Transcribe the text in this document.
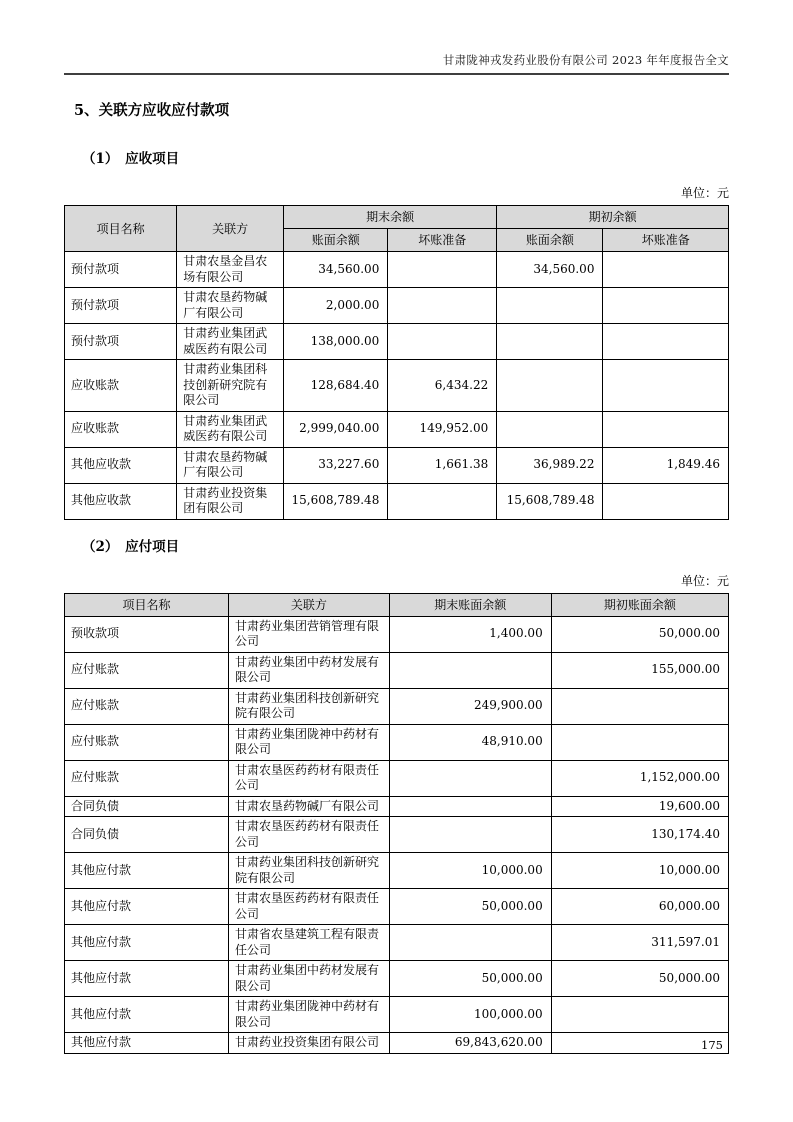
甘肃陇神戎发药业股份有限公司 2023 年年度报告全文
5、关联方应收应付款项
（1）　应收项目
单位：元
项目名称	关联方	期末余额		期初余额	
		账面余额	坏账准备	账面余额	坏账准备
预付款项	甘肃农垦金昌农场有限公司	34,560.00		34,560.00	
预付款项	甘肃农垦药物碱厂有限公司	2,000.00			
预付款项	甘肃药业集团武威医药有限公司	138,000.00			
应收账款	甘肃药业集团科技创新研究院有限公司	128,684.40	6,434.22		
应收账款	甘肃药业集团武威医药有限公司	2,999,040.00	149,952.00		
其他应收款	甘肃农垦药物碱厂有限公司	33,227.60	1,661.38	36,989.22	1,849.46
其他应收款	甘肃药业投资集团有限公司	15,608,789.48		15,608,789.48	
（2）　应付项目
单位：元
项目名称	关联方	期末账面余额	期初账面余额
预收款项	甘肃药业集团营销管理有限公司	1,400.00	50,000.00
应付账款	甘肃药业集团中药材发展有限公司		155,000.00
应付账款	甘肃药业集团科技创新研究院有限公司	249,900.00	
应付账款	甘肃药业集团陇神中药材有限公司	48,910.00	
应付账款	甘肃农垦医药药材有限责任公司		1,152,000.00
合同负债	甘肃农垦药物碱厂有限公司		19,600.00
合同负债	甘肃农垦医药药材有限责任公司		130,174.40
其他应付款	甘肃药业集团科技创新研究院有限公司	10,000.00	10,000.00
其他应付款	甘肃农垦医药药材有限责任公司	50,000.00	60,000.00
其他应付款	甘肃省农垦建筑工程有限责任公司		311,597.01
其他应付款	甘肃药业集团中药材发展有限公司	50,000.00	50,000.00
其他应付款	甘肃药业集团陇神中药材有限公司	100,000.00	
其他应付款	甘肃药业投资集团有限公司	69,843,620.00		175
